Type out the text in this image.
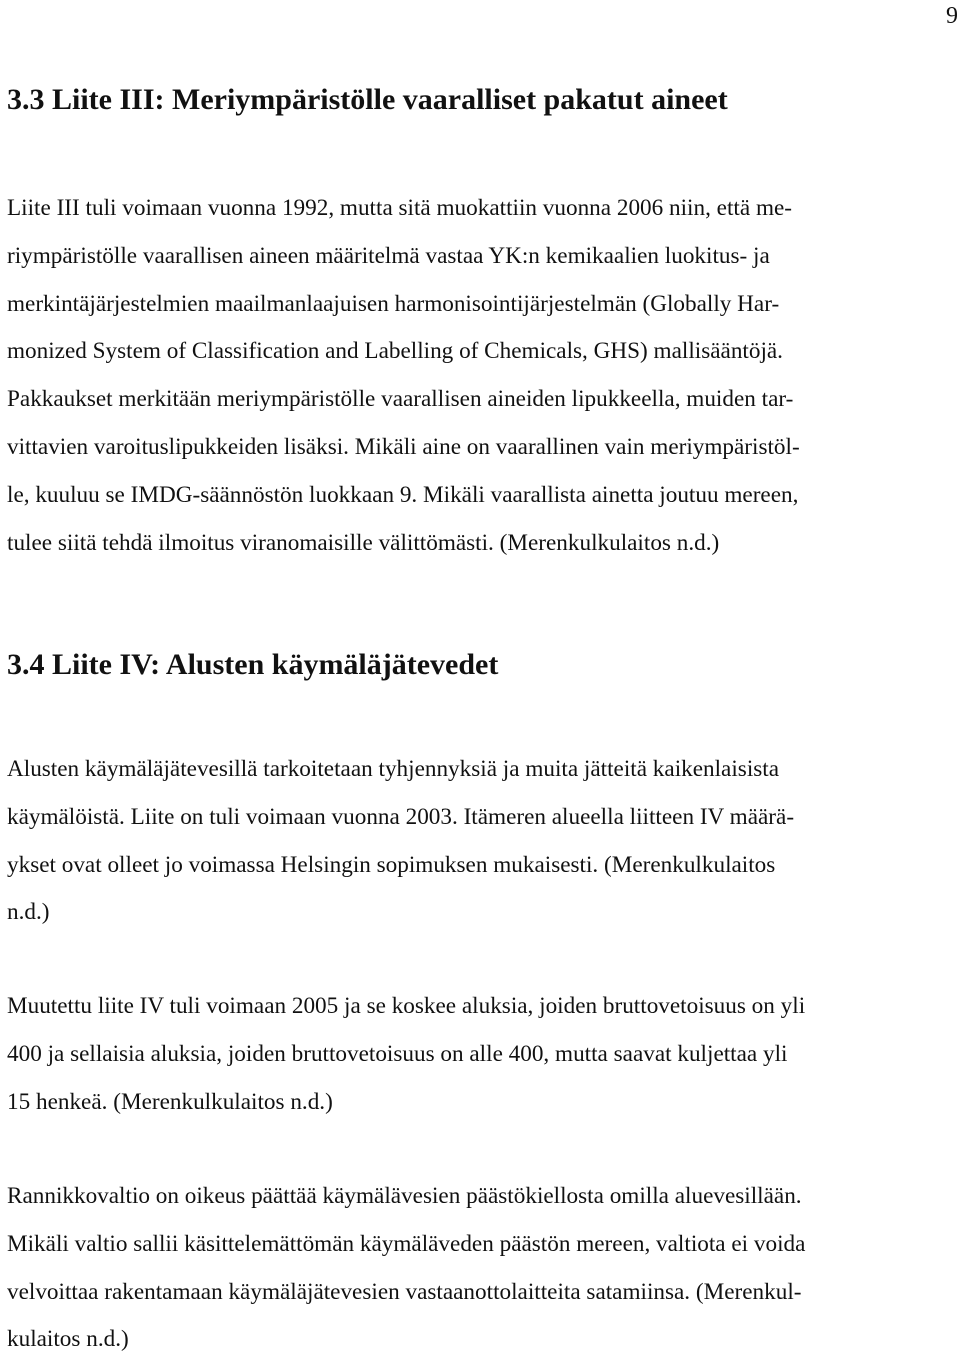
9
3.3 Liite III: Meriympäristölle vaaralliset pakatut aineet

Liite III tuli voimaan vuonna 1992, mutta sitä muokattiin vuonna 2006 niin, että me-
riympäristölle vaarallisen aineen määritelmä vastaa YK:n kemikaalien luokitus- ja
merkintäjärjestelmien maailmanlaajuisen harmonisointijärjestelmän (Globally Har-
monized System of Classification and Labelling of Chemicals, GHS) mallisääntöjä.
Pakkaukset merkitään meriympäristölle vaarallisen aineiden lipukkeella, muiden tar-
vittavien varoituslipukkeiden lisäksi. Mikäli aine on vaarallinen vain meriympäristöl-
le, kuuluu se IMDG-säännöstön luokkaan 9. Mikäli vaarallista ainetta joutuu mereen,
tulee siitä tehdä ilmoitus viranomaisille välittömästi. (Merenkulkulaitos n.d.)

3.4 Liite IV: Alusten käymäläjätevedet

Alusten käymäläjätevesillä tarkoitetaan tyhjennyksiä ja muita jätteitä kaikenlaisista
käymälöistä. Liite on tuli voimaan vuonna 2003. Itämeren alueella liitteen IV määrä-
ykset ovat olleet jo voimassa Helsingin sopimuksen mukaisesti. (Merenkulkulaitos
n.d.)

Muutettu liite IV tuli voimaan 2005 ja se koskee aluksia, joiden bruttovetoisuus on yli
400 ja sellaisia aluksia, joiden bruttovetoisuus on alle 400, mutta saavat kuljettaa yli
15 henkeä. (Merenkulkulaitos n.d.)

Rannikkovaltio on oikeus päättää käymälävesien päästökiellosta omilla aluevesillään.
Mikäli valtio sallii käsittelemättömän käymäläveden päästön mereen, valtiota ei voida
velvoittaa rakentamaan käymäläjätevesien vastaanottolaitteita satamiinsa. (Merenkul-
kulaitos n.d.)
